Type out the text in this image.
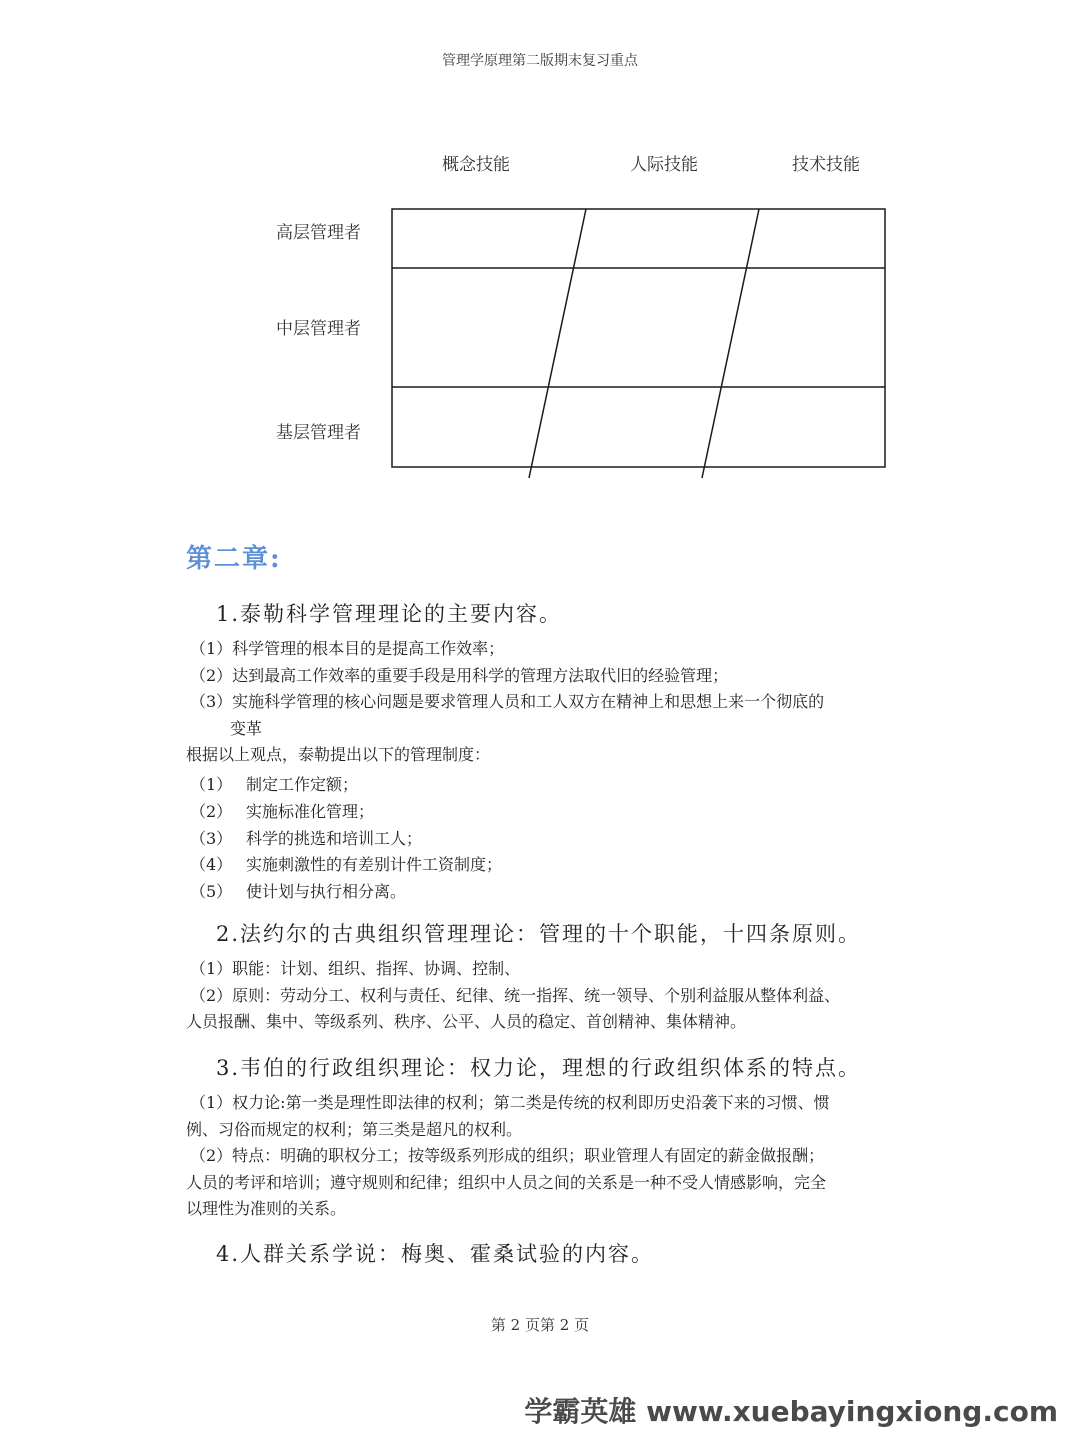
管理学原理第二版期末复习重点
概念技能	人际技能	技术技能
高层管理者
中层管理者
基层管理者
第二章:
1.泰勒科学管理理论的主要内容。
（1）科学管理的根本目的是提高工作效率；
（2）达到最高工作效率的重要手段是用科学的管理方法取代旧的经验管理；
（3）实施科学管理的核心问题是要求管理人员和工人双方在精神上和思想上来一个彻底的
变革
根据以上观点，泰勒提出以下的管理制度：
（1） 制定工作定额；
（2） 实施标准化管理；
（3） 科学的挑选和培训工人；
（4） 实施刺激性的有差别计件工资制度；
（5） 使计划与执行相分离。
2.法约尔的古典组织管理理论：管理的十个职能，十四条原则。
（1）职能：计划、组织、指挥、协调、控制、
（2）原则：劳动分工、权利与责任、纪律、统一指挥、统一领导、个别利益服从整体利益、
人员报酬、集中、等级系列、秩序、公平、人员的稳定、首创精神、集体精神。
3.韦伯的行政组织理论：权力论，理想的行政组织体系的特点。
（1）权力论:第一类是理性即法律的权利；第二类是传统的权利即历史沿袭下来的习惯、惯
例、习俗而规定的权利；第三类是超凡的权利。
（2）特点：明确的职权分工；按等级系列形成的组织；职业管理人有固定的薪金做报酬；
人员的考评和培训；遵守规则和纪律；组织中人员之间的关系是一种不受人情感影响，完全
以理性为准则的关系。
4.人群关系学说：梅奥、霍桑试验的内容。
第 2 页第 2 页
学霸英雄 www.xuebayingxiong.com
